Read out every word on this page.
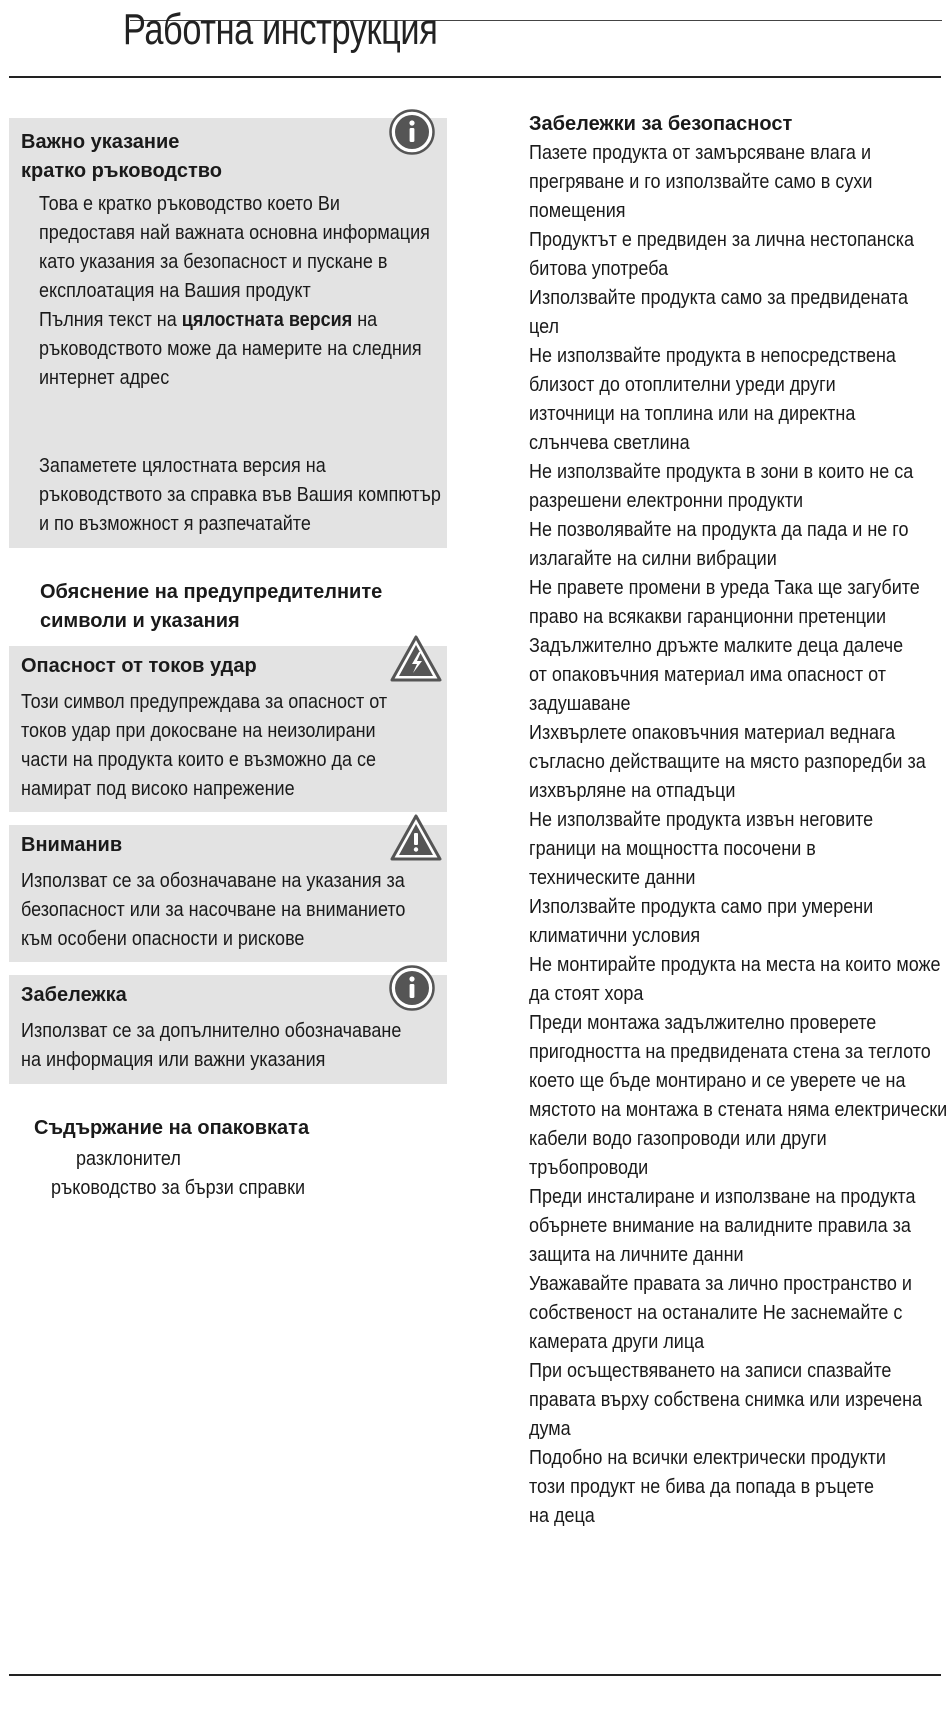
Работна инструкция
Важно указание
кратко ръководство
Това е кратко ръководство което Ви
предоставя най важната основна информация
като указания за безопасност и пускане в
експлоатация на Вашия продукт
Пълния текст на цялостната версия на
ръководството може да намерите на следния
интернет адрес
Запаметете цялостната версия на
ръководството за справка във Вашия компютър
и по възможност я разпечатайте
Обяснение на предупредителните
символи и указания
Опасност от токов удар
Този символ предупреждава за опасност от
токов удар при докосване на неизолирани
части на продукта които е възможно да се
намират под високо напрежение
Вниманив
Използват се за обозначаване на указания за
безопасност или за насочване на вниманието
към особени опасности и рискове
Забележка
Използват се за допълнително обозначаване
на информация или важни указания
Съдържание на опаковката
разклонител
ръководство за бързи справки
Забележки за безопасност
Пазете продукта от замърсяване влага и
прегряване и го използвайте само в сухи
помещения
Продуктът е предвиден за лична нестопанска
битова употреба
Използвайте продукта само за предвидената
цел
Не използвайте продукта в непосредствена
близост до отоплителни уреди други
източници на топлина или на директна
слънчева светлина
Не използвайте продукта в зони в които не са
разрешени електронни продукти
Не позволявайте на продукта да пада и не го
излагайте на силни вибрации
Не правете промени в уреда Така ще загубите
право на всякакви гаранционни претенции
Задължително дръжте малките деца далече
от опаковъчния материал има опасност от
задушаване
Изхвърлете опаковъчния материал веднага
съгласно действащите на място разпоредби за
изхвърляне на отпадъци
Не използвайте продукта извън неговите
граници на мощността посочени в
техническите данни
Използвайте продукта само при умерени
климатични условия
Не монтирайте продукта на места на които може
да стоят хора
Преди монтажа задължително проверете
пригодността на предвидената стена за теглото
което ще бъде монтирано и се уверете че на
мястото на монтажа в стената няма електрически
кабели водо газопроводи или други
тръбопроводи
Преди инсталиране и използване на продукта
обърнете внимание на валидните правила за
защита на личните данни
Уважавайте правата за лично пространство и
собственост на останалите Не заснемайте с
камерата други лица
При осъществяването на записи спазвайте
правата върху собствена снимка или изречена
дума
Подобно на всички електрически продукти
този продукт не бива да попада в ръцете
на деца
